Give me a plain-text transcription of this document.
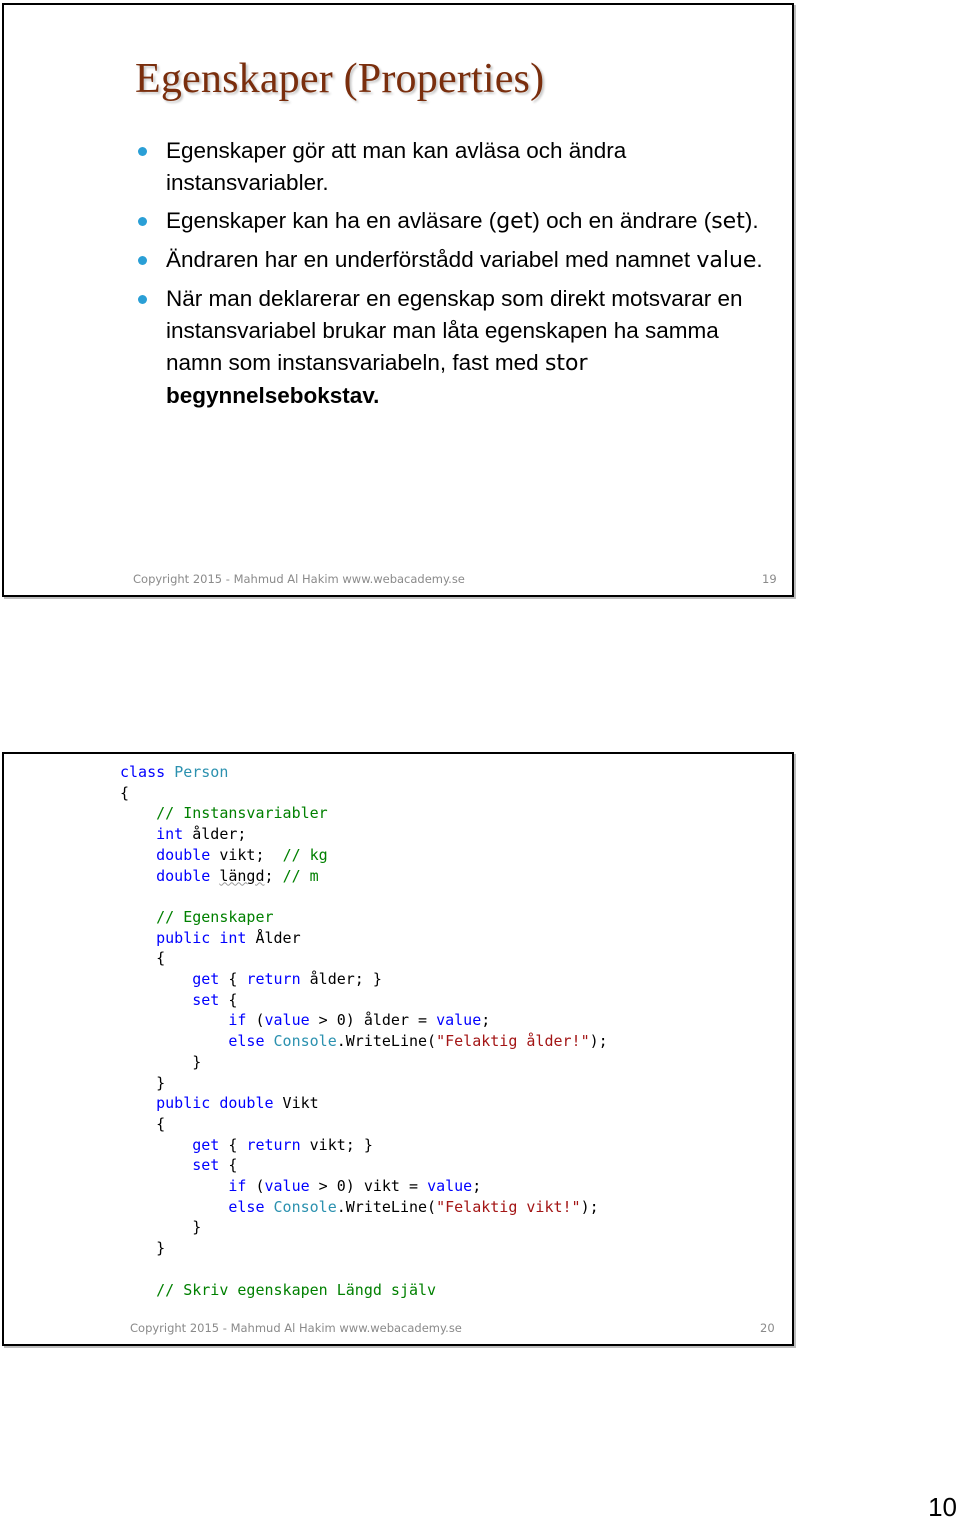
Egenskaper (Properties)
Egenskaper gör att man kan avläsa och ändra instansvariabler.
Egenskaper kan ha en avläsare (get) och en ändrare (set).
Ändraren har en underförstådd variabel med namnet value.
När man deklarerar en egenskap som direkt motsvarar en instansvariabel brukar man låta egenskapen ha samma namn som instansvariabeln, fast med stor begynnelsebokstav.
Copyright 2015 - Mahmud Al Hakim www.webacademy.se	19
class Person
{
// Instansvariabler
int ålder;
double vikt;  // kg
double längd; // m

// Egenskaper
public int Ålder
{
get { return ålder; }
set {
if (value > 0) ålder = value;
else Console.WriteLine("Felaktig ålder!");
}
}
public double Vikt
{
get { return vikt; }
set {
if (value > 0) vikt = value;
else Console.WriteLine("Felaktig vikt!");
}
}

// Skriv egenskapen Längd själv
Copyright 2015 - Mahmud Al Hakim www.webacademy.se	20
10
